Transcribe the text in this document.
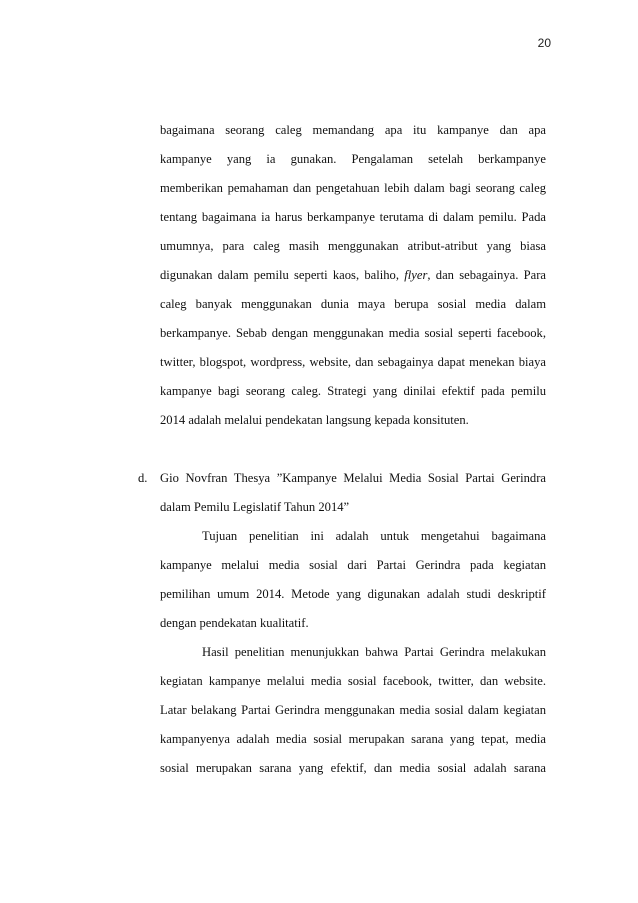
20
bagaimana seorang caleg memandang apa itu kampanye dan apa
kampanye yang ia gunakan. Pengalaman setelah berkampanye
memberikan pemahaman dan pengetahuan lebih dalam bagi seorang caleg
tentang bagaimana ia harus berkampanye terutama di dalam pemilu. Pada
umumnya, para caleg masih menggunakan atribut-atribut yang biasa
digunakan dalam pemilu seperti kaos, baliho, flyer, dan sebagainya. Para
caleg banyak menggunakan dunia maya berupa sosial media dalam
berkampanye. Sebab dengan menggunakan media sosial seperti facebook,
twitter, blogspot, wordpress, website, dan sebagainya dapat menekan biaya
kampanye bagi seorang caleg. Strategi yang dinilai efektif pada pemilu
2014 adalah melalui pendekatan langsung kepada konsituten.
d. Gio Novfran Thesya ”Kampanye Melalui Media Sosial Partai Gerindra
dalam Pemilu Legislatif Tahun 2014”
Tujuan penelitian ini adalah untuk mengetahui bagaimana
kampanye melalui media sosial dari Partai Gerindra pada kegiatan
pemilihan umum 2014. Metode yang digunakan adalah studi deskriptif
dengan pendekatan kualitatif.
Hasil penelitian menunjukkan bahwa Partai Gerindra melakukan
kegiatan kampanye melalui media sosial facebook, twitter, dan website.
Latar belakang Partai Gerindra menggunakan media sosial dalam kegiatan
kampanyenya adalah media sosial merupakan sarana yang tepat, media
sosial merupakan sarana yang efektif, dan media sosial adalah sarana
